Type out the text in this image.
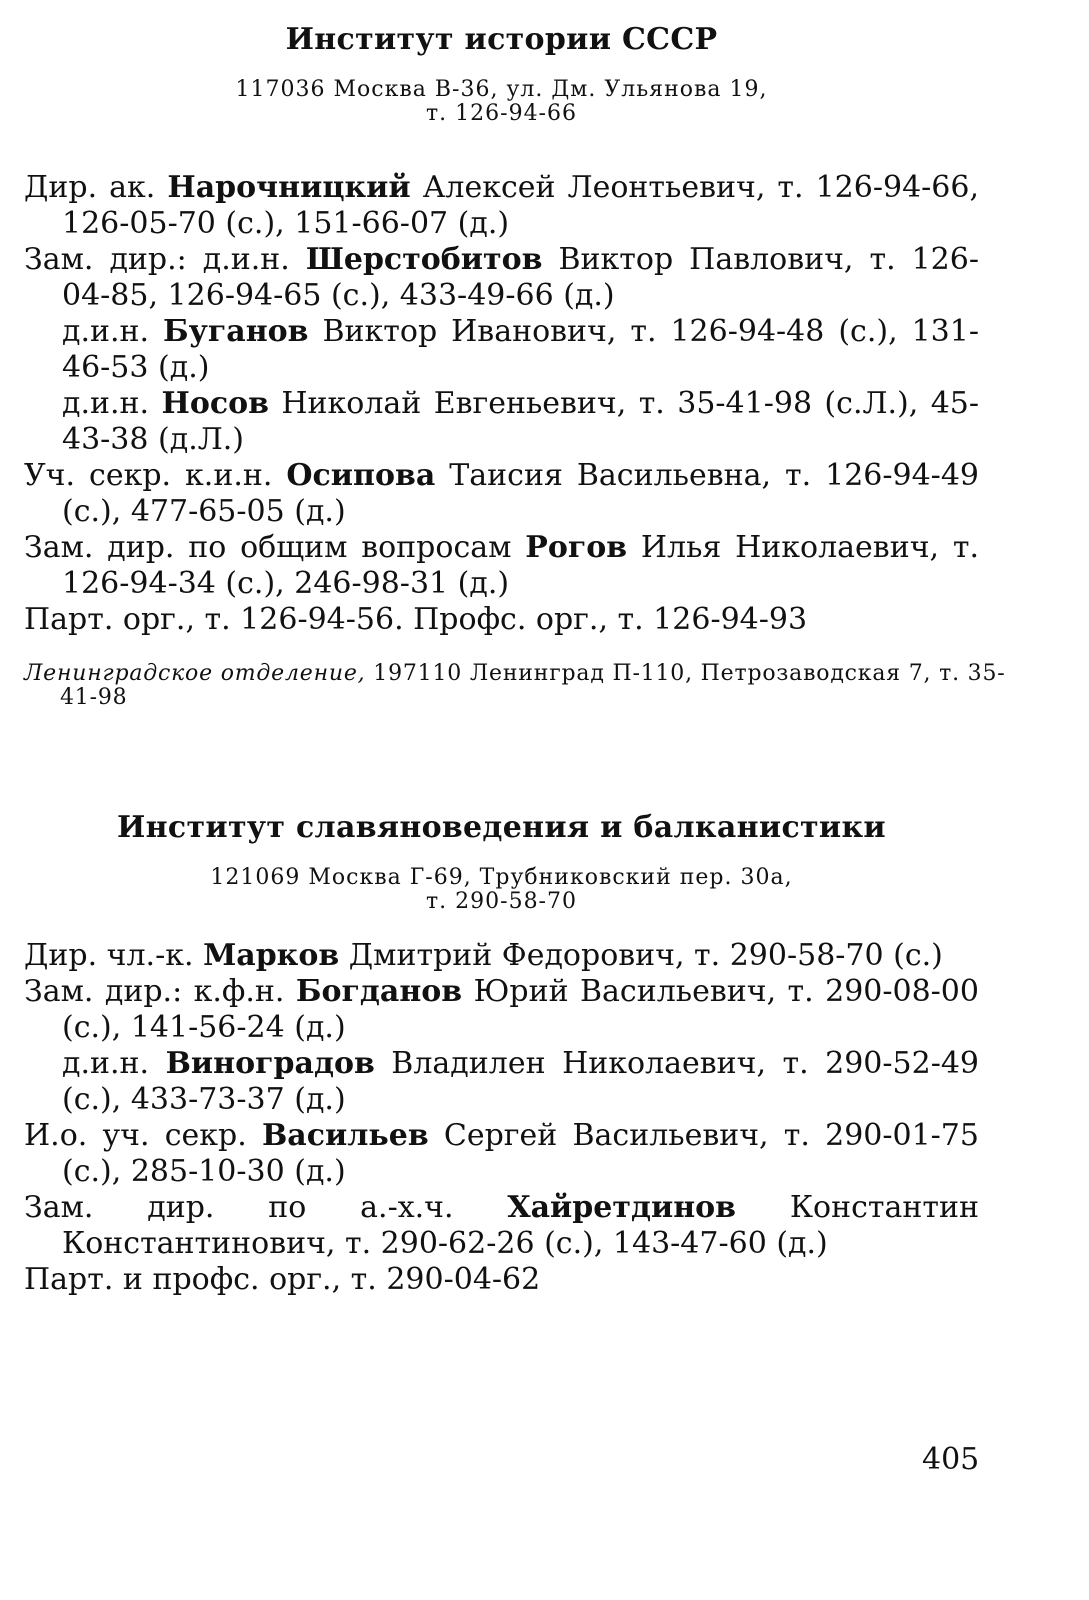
Институт истории СССР
117036 Москва В-36, ул. Дм. Ульянова 19,
т. 126-94-66
Дир. ак. Нарочницкий Алексей Леонтьевич, т. 126-94-66, 126-05-70 (с.), 151-66-07 (д.)
Зам. дир.: д.и.н. Шерстобитов Виктор Павлович, т. 126-04-85, 126-94-65 (с.), 433-49-66 (д.)
д.и.н. Буганов Виктор Иванович, т. 126-94-48 (с.), 131-46-53 (д.)
д.и.н. Носов Николай Евгеньевич, т. 35-41-98 (с.Л.), 45-43-38 (д.Л.)
Уч. секр. к.и.н. Осипова Таисия Васильевна, т. 126-94-49 (с.), 477-65-05 (д.)
Зам. дир. по общим вопросам Рогов Илья Николаевич, т. 126-94-34 (с.), 246-98-31 (д.)
Парт. орг., т. 126-94-56. Профс. орг., т. 126-94-93
Ленинградское отделение, 197110 Ленинград П-110, Петрозаводская 7, т. 35-41-98
Институт славяноведения и балканистики
121069 Москва Г-69, Трубниковский пер. 30а,
т. 290-58-70
Дир. чл.-к. Марков Дмитрий Федорович, т. 290-58-70 (с.)
Зам. дир.: к.ф.н. Богданов Юрий Васильевич, т. 290-08-00 (с.), 141-56-24 (д.)
д.и.н. Виноградов Владилен Николаевич, т. 290-52-49 (с.), 433-73-37 (д.)
И.о. уч. секр. Васильев Сергей Васильевич, т. 290-01-75 (с.), 285-10-30 (д.)
Зам. дир. по а.-х.ч. Хайретдинов Константин Константинович, т. 290-62-26 (с.), 143-47-60 (д.)
Парт. и профс. орг., т. 290-04-62
405
